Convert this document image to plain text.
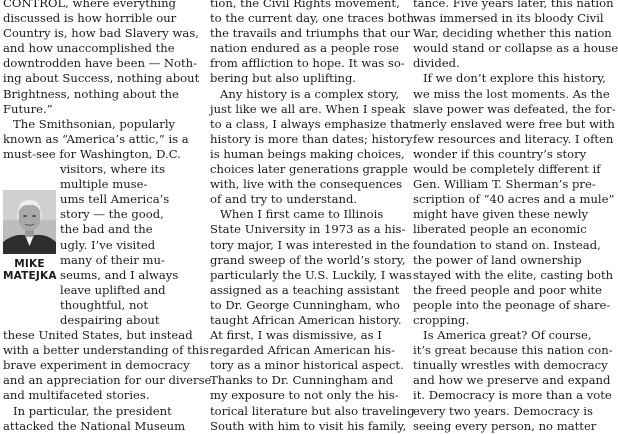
CONTROL, where everything
discussed is how horrible our
Country is, how bad Slavery was,
and how unaccomplished the
downtrodden have been — Noth-
ing about Success, nothing about
Brightness, nothing about the
Future.”
The Smithsonian, popularly
known as “America’s attic,” is a
must-see for Washington, D.C.
visitors, where its
multiple muse-
ums tell America’s
story — the good,
the bad and the
ugly. I’ve visited
many of their mu-
seums, and I always
leave uplifted and
thoughtful, not
despairing about
these United States, but instead
with a better understanding of this
brave experiment in democracy
and an appreciation for our diverse
and multifaceted stories.
In particular, the president
attacked the National Museum
MIKE
MATEJKA
tion, the Civil Rights movement,
to the current day, one traces both
the travails and triumphs that our
nation endured as a people rose
from affliction to hope. It was so-
bering but also uplifting.
Any history is a complex story,
just like we all are. When I speak
to a class, I always emphasize that
history is more than dates; history
is human beings making choices,
choices later generations grapple
with, live with the consequences
of and try to understand.
When I first came to Illinois
State University in 1973 as a his-
tory major, I was interested in the
grand sweep of the world’s story,
particularly the U.S. Luckily, I was
assigned as a teaching assistant
to Dr. George Cunningham, who
taught African American history.
At first, I was dismissive, as I
regarded African American his-
tory as a minor historical aspect.
Thanks to Dr. Cunningham and
my exposure to not only the his-
torical literature but also traveling
South with him to visit his family,
tance. Five years later, this nation
was immersed in its bloody Civil
War, deciding whether this nation
would stand or collapse as a house
divided.
If we don’t explore this history,
we miss the lost moments. As the
slave power was defeated, the for-
merly enslaved were free but with
few resources and literacy. I often
wonder if this country’s story
would be completely different if
Gen. William T. Sherman’s pre-
scription of “40 acres and a mule”
might have given these newly
liberated people an economic
foundation to stand on. Instead,
the power of land ownership
stayed with the elite, casting both
the freed people and poor white
people into the peonage of share-
cropping.
Is America great? Of course,
it’s great because this nation con-
tinually wrestles with democracy
and how we preserve and expand
it. Democracy is more than a vote
every two years. Democracy is
seeing every person, no matter
